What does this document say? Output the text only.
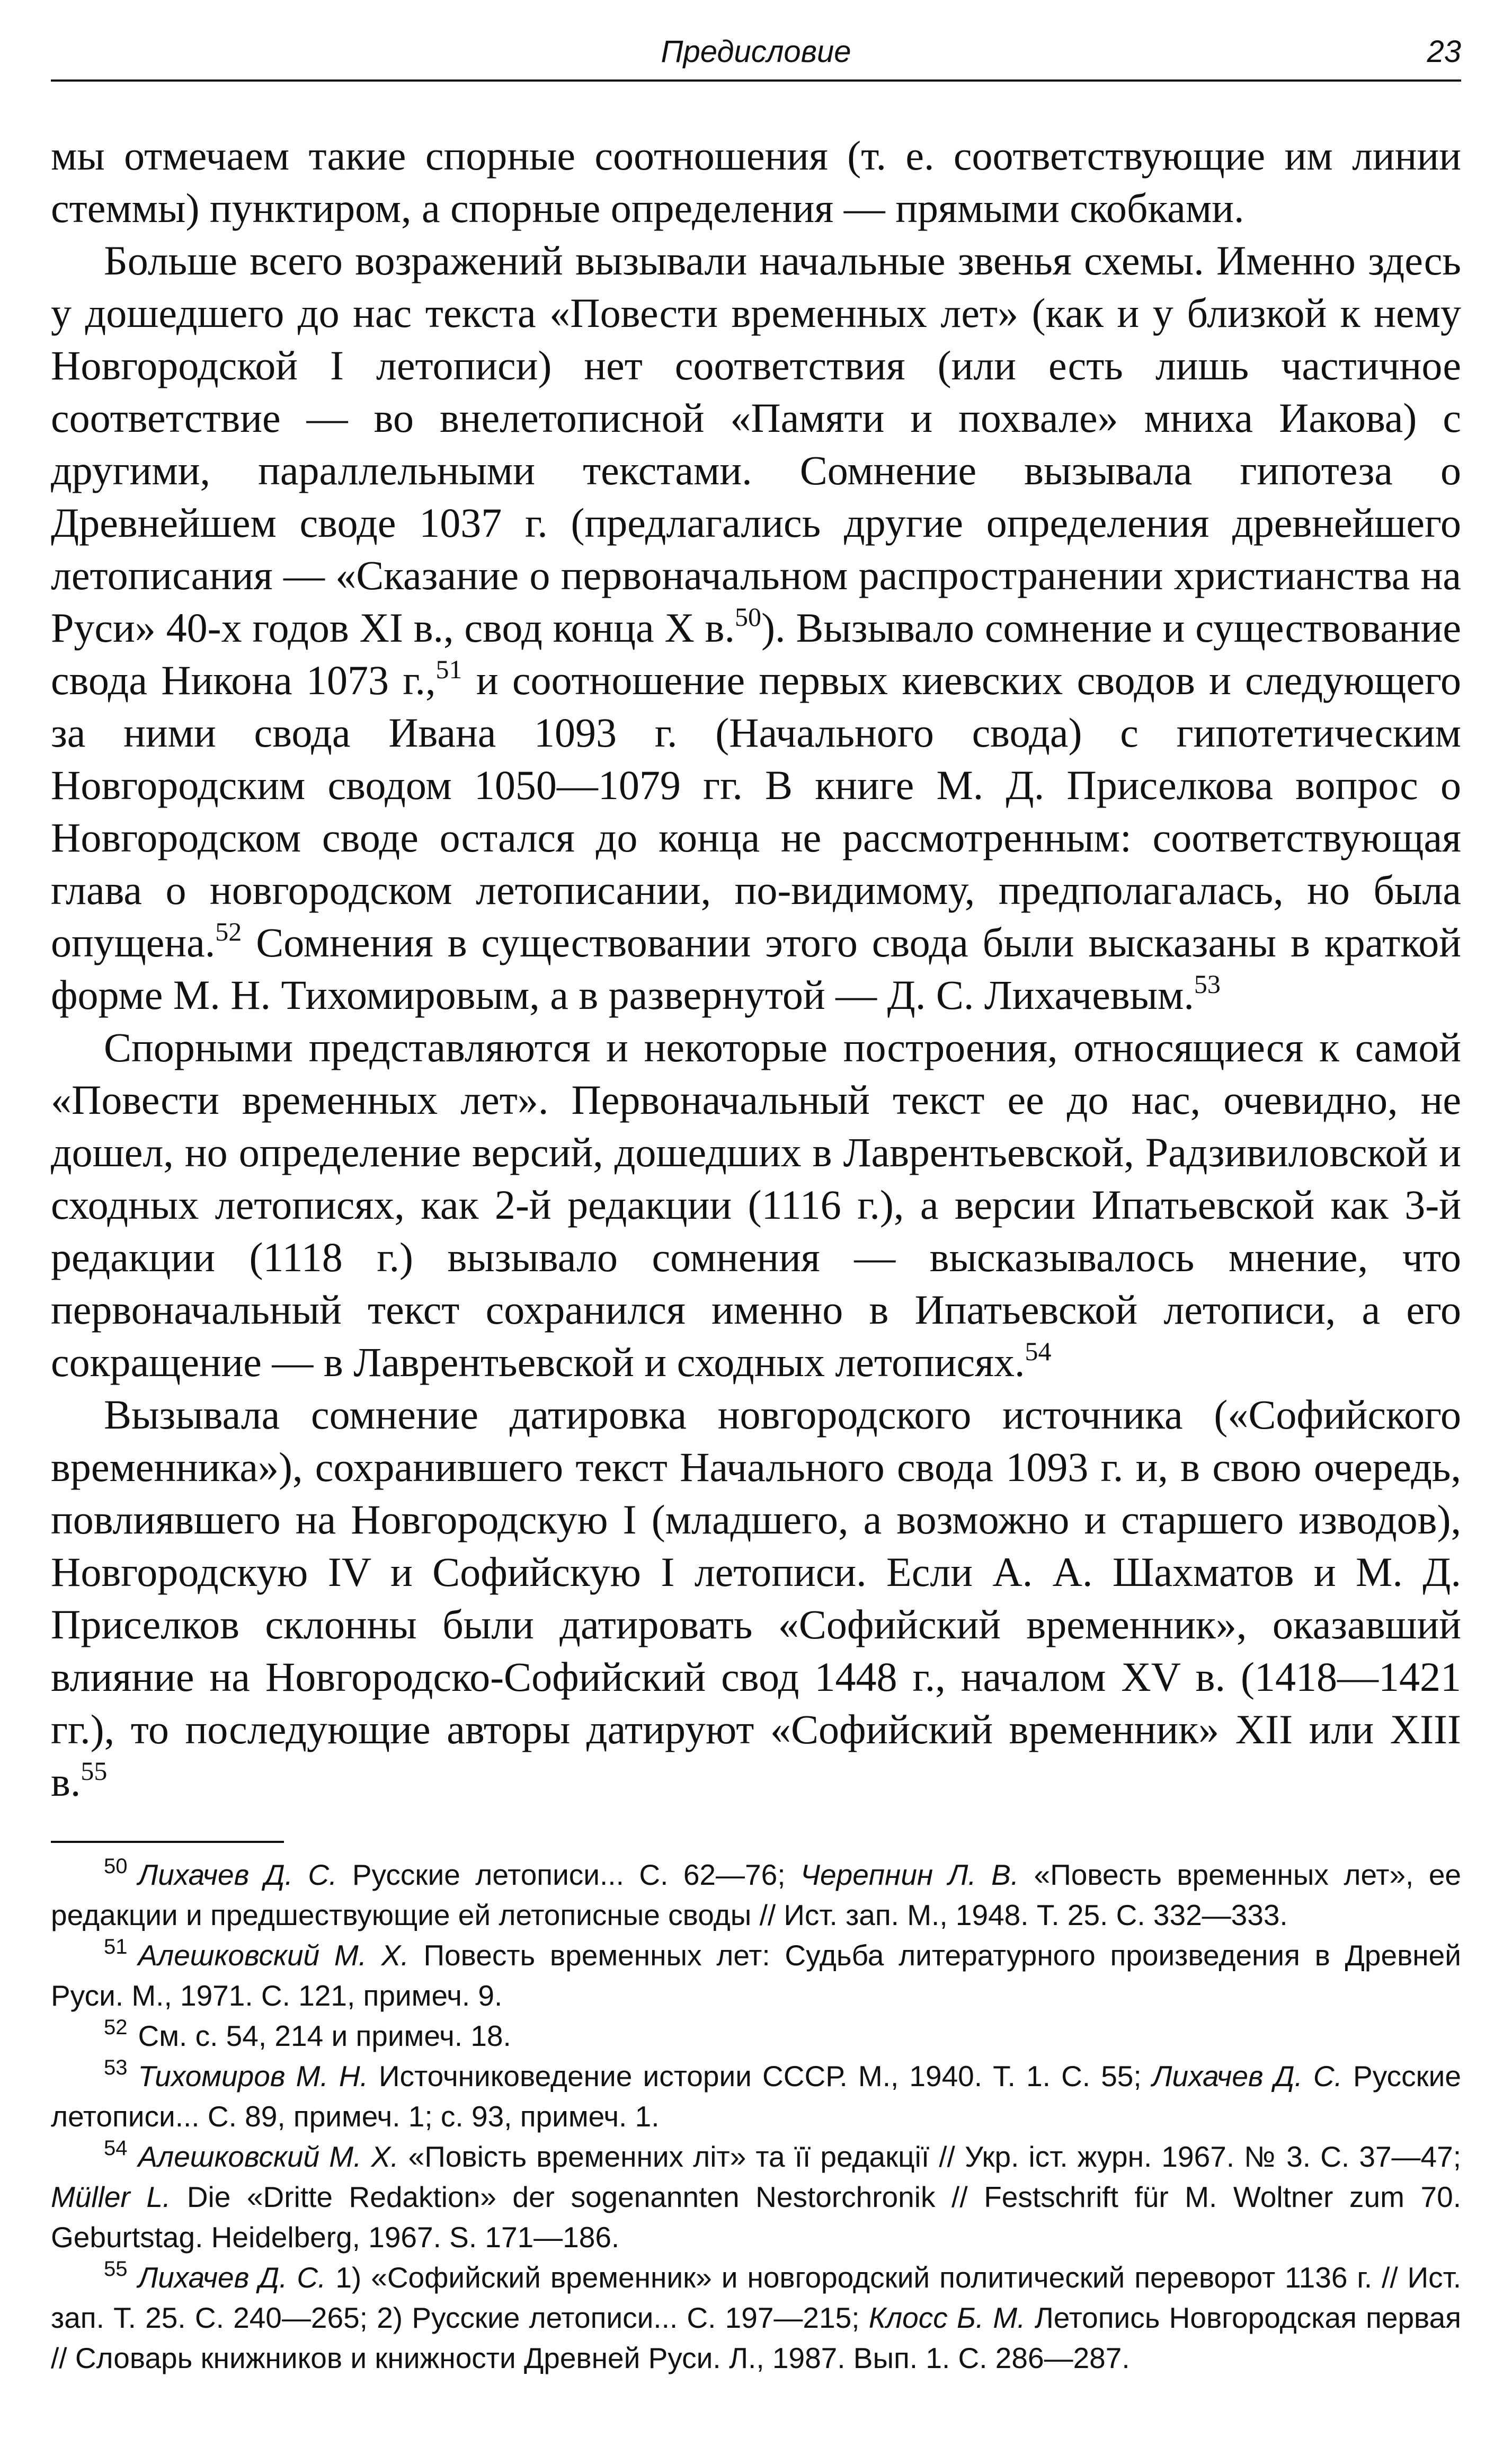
Предисловие	23

мы отмечаем такие спорные соотношения (т. е. соответствующие им линии стеммы) пунктиром, а спорные определения — прямыми скобками.

Больше всего возражений вызывали начальные звенья схемы. Именно здесь у дошедшего до нас текста «Повести временных лет» (как и у близкой к нему Новгородской I летописи) нет соответствия (или есть лишь частичное соответствие — во внелетописной «Памяти и похвале» мниха Иакова) с другими, параллельными текстами. Сомнение вызывала гипотеза о Древнейшем своде 1037 г. (предлагались другие определения древнейшего летописания — «Сказание о первоначальном распространении христианства на Руси» 40-х годов XI в., свод конца X в.$^{50}$). Вызывало сомнение и существование свода Никона 1073 г.,$^{51}$ и соотношение первых киевских сводов и следующего за ними свода Ивана 1093 г. (Начального свода) с гипотетическим Новгородским сводом 1050—1079 гг. В книге М. Д. Приселкова вопрос о Новгородском своде остался до конца не рассмотренным: соответствующая глава о новгородском летописании, по-видимому, предполагалась, но была опущена.$^{52}$ Сомнения в существовании этого свода были высказаны в краткой форме М. Н. Тихомировым, а в развернутой — Д. С. Лихачевым.$^{53}$

Спорными представляются и некоторые построения, относящиеся к самой «Повести временных лет». Первоначальный текст ее до нас, очевидно, не дошел, но определение версий, дошедших в Лаврентьевской, Радзивиловской и сходных летописях, как 2-й редакции (1116 г.), а версии Ипатьевской как 3-й редакции (1118 г.) вызывало сомнения — высказывалось мнение, что первоначальный текст сохранился именно в Ипатьевской летописи, а его сокращение — в Лаврентьевской и сходных летописях.$^{54}$

Вызывала сомнение датировка новгородского источника («Софийского временника»), сохранившего текст Начального свода 1093 г. и, в свою очередь, повлиявшего на Новгородскую I (младшего, а возможно и старшего изводов), Новгородскую IV и Софийскую I летописи. Если А. А. Шахматов и М. Д. Приселков склонны были датировать «Софийский временник», оказавший влияние на Новгородско-Софийский свод 1448 г., началом XV в. (1418—1421 гг.), то последующие авторы датируют «Софийский временник» XII или XIII в.$^{55}$

$^{50}$ Лихачев Д. С. Русские летописи... С. 62—76; Черепнин Л. В. «Повесть временных лет», ее редакции и предшествующие ей летописные своды // Ист. зап. М., 1948. Т. 25. С. 332—333.

$^{51}$ Алешковский М. Х. Повесть временных лет: Судьба литературного произведения в Древней Руси. М., 1971. С. 121, примеч. 9.

$^{52}$ См. с. 54, 214 и примеч. 18.

$^{53}$ Тихомиров М. Н. Источниковедение истории СССР. М., 1940. Т. 1. С. 55; Лихачев Д. С. Русские летописи... С. 89, примеч. 1; с. 93, примеч. 1.

$^{54}$ Алешковский М. Х. «Повість временних літ» та її редакції // Укр. іст. журн. 1967. № 3. С. 37—47; Müller L. Die «Dritte Redaktion» der sogenannten Nestorchronik // Festschrift für M. Woltner zum 70. Geburtstag. Heidelberg, 1967. S. 171—186.

$^{55}$ Лихачев Д. С. 1) «Софийский временник» и новгородский политический переворот 1136 г. // Ист. зап. Т. 25. С. 240—265; 2) Русские летописи... С. 197—215; Клосс Б. М. Летопись Новгородская первая // Словарь книжников и книжности Древней Руси. Л., 1987. Вып. 1. С. 286—287.
